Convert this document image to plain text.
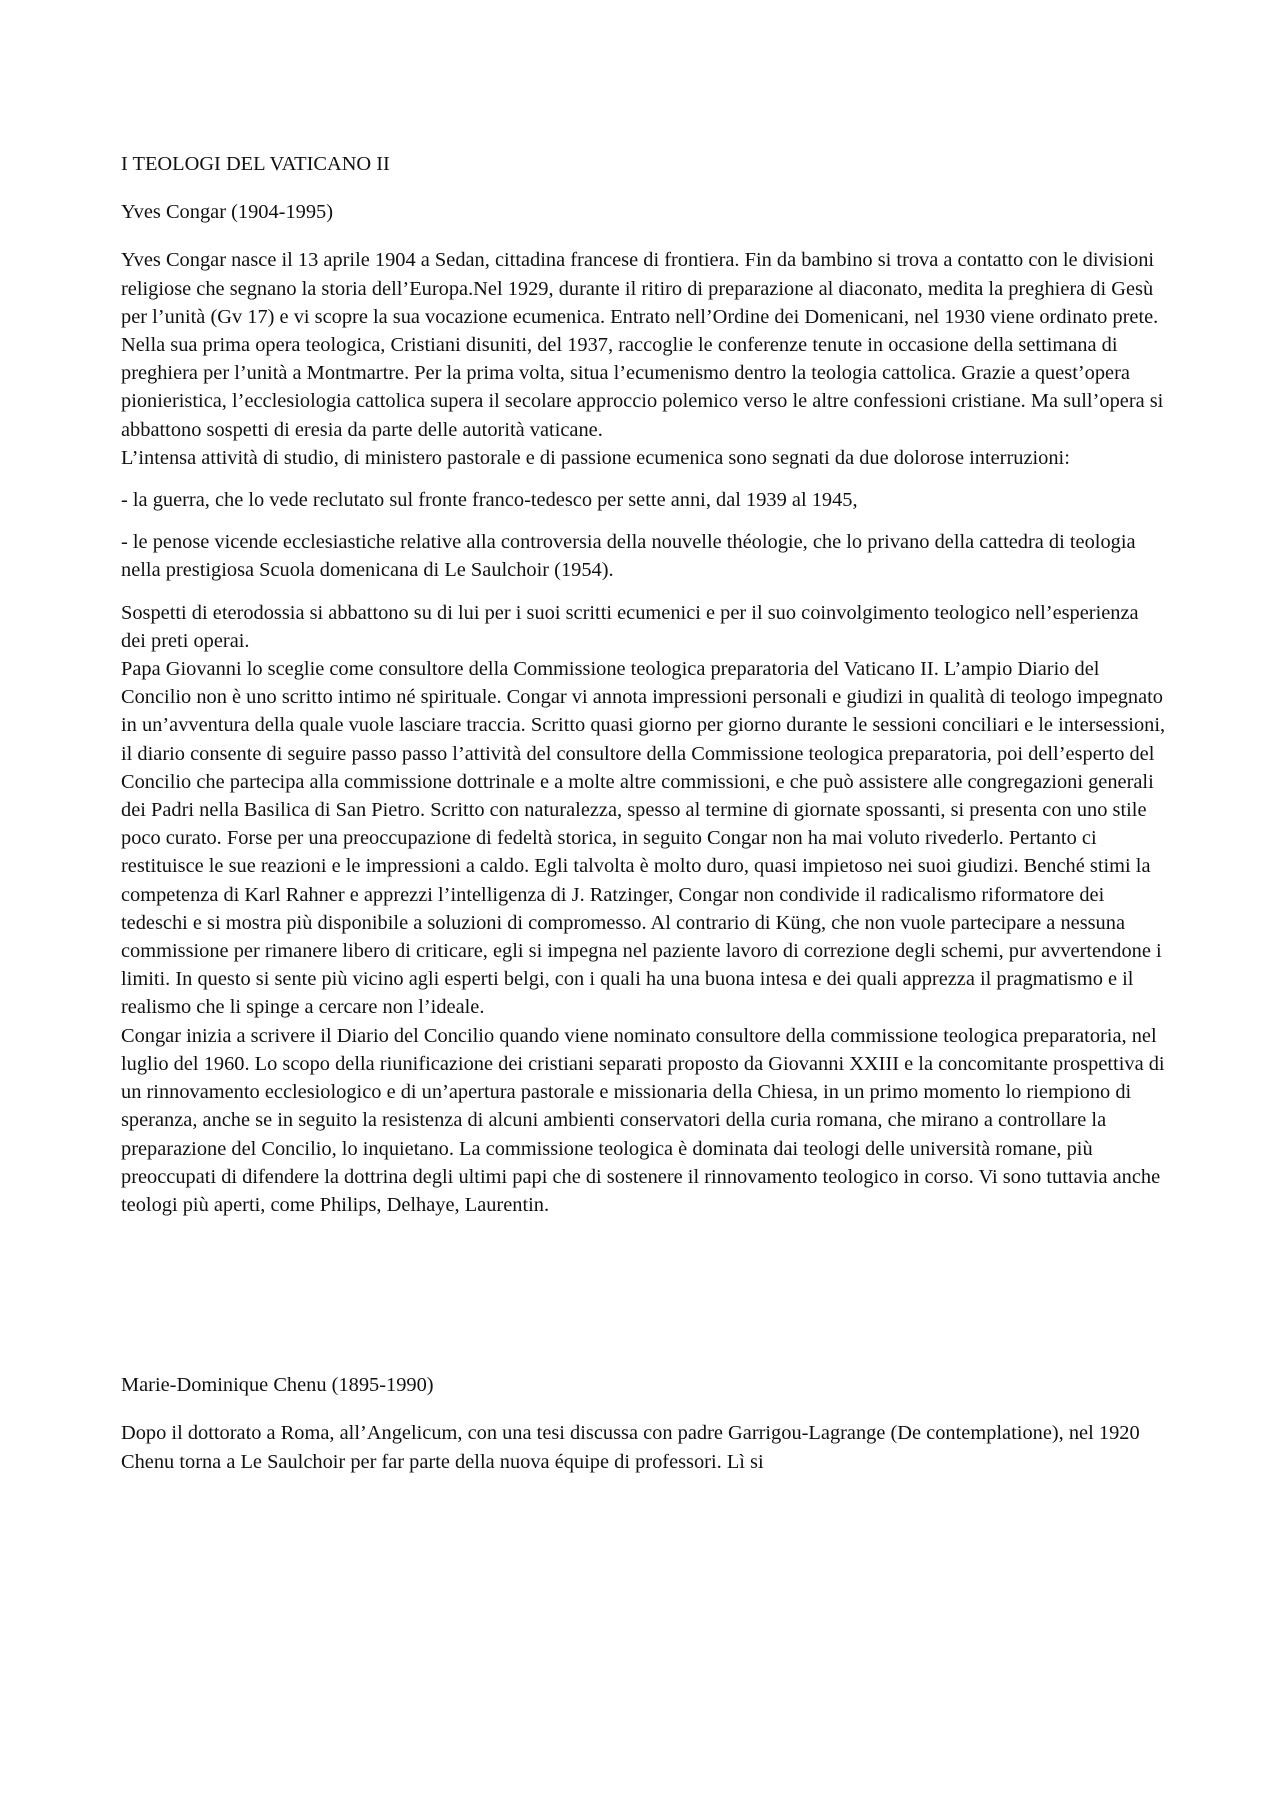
I TEOLOGI DEL VATICANO II

Yves Congar (1904-1995)

Yves Congar nasce il 13 aprile 1904 a Sedan, cittadina francese di frontiera. Fin da bambino si trova a contatto con le divisioni religiose che segnano la storia dell’Europa.Nel 1929, durante il ritiro di preparazione al diaconato, medita la preghiera di Gesù per l’unità (Gv 17) e vi scopre la sua vocazione ecumenica. Entrato nell’Ordine dei Domenicani, nel 1930 viene ordinato prete.

Nella sua prima opera teologica, Cristiani disuniti, del 1937, raccoglie le conferenze tenute in occasione della settimana di preghiera per l’unità a Montmartre. Per la prima volta, situa l’ecumenismo dentro la teologia cattolica. Grazie a quest’opera pionieristica, l’ecclesiologia cattolica supera il secolare approccio polemico verso le altre confessioni cristiane. Ma sull’opera si abbattono sospetti di eresia da parte delle autorità vaticane.

L’intensa attività di studio, di ministero pastorale e di passione ecumenica sono segnati da due dolorose interruzioni:

- la guerra, che lo vede reclutato sul fronte franco-tedesco per sette anni, dal 1939 al 1945,

- le penose vicende ecclesiastiche relative alla controversia della nouvelle théologie, che lo privano della cattedra di teologia nella prestigiosa Scuola domenicana di Le Saulchoir (1954).

Sospetti di eterodossia si abbattono su di lui per i suoi scritti ecumenici e per il suo coinvolgimento teologico nell’esperienza dei preti operai.

Papa Giovanni lo sceglie come consultore della Commissione teologica preparatoria del Vaticano II. L’ampio Diario del Concilio non è uno scritto intimo né spirituale. Congar vi annota impressioni personali e giudizi in qualità di teologo impegnato in un’avventura della quale vuole lasciare traccia. Scritto quasi giorno per giorno durante le sessioni conciliari e le intersessioni, il diario consente di seguire passo passo l’attività del consultore della Commissione teologica preparatoria, poi dell’esperto del Concilio che partecipa alla commissione dottrinale e a molte altre commissioni, e che può assistere alle congregazioni generali dei Padri nella Basilica di San Pietro. Scritto con naturalezza, spesso al termine di giornate spossanti, si presenta con uno stile poco curato. Forse per una preoccupazione di fedeltà storica, in seguito Congar non ha mai voluto rivederlo. Pertanto ci restituisce le sue reazioni e le impressioni a caldo. Egli talvolta è molto duro, quasi impietoso nei suoi giudizi. Benché stimi la competenza di Karl Rahner e apprezzi l’intelligenza di J. Ratzinger, Congar non condivide il radicalismo riformatore dei tedeschi e si mostra più disponibile a soluzioni di compromesso. Al contrario di Küng, che non vuole partecipare a nessuna commissione per rimanere libero di criticare, egli si impegna nel paziente lavoro di correzione degli schemi, pur avvertendone i limiti. In questo si sente più vicino agli esperti belgi, con i quali ha una buona intesa e dei quali apprezza il pragmatismo e il realismo che li spinge a cercare non l’ideale.

Congar inizia a scrivere il Diario del Concilio quando viene nominato consultore della commissione teologica preparatoria, nel luglio del 1960. Lo scopo della riunificazione dei cristiani separati proposto da Giovanni XXIII e la concomitante prospettiva di un rinnovamento ecclesiologico e di un’apertura pastorale e missionaria della Chiesa, in un primo momento lo riempiono di speranza, anche se in seguito la resistenza di alcuni ambienti conservatori della curia romana, che mirano a controllare la preparazione del Concilio, lo inquietano. La commissione teologica è dominata dai teologi delle università romane, più preoccupati di difendere la dottrina degli ultimi papi che di sostenere il rinnovamento teologico in corso. Vi sono tuttavia anche teologi più aperti, come Philips, Delhaye, Laurentin.

Marie-Dominique Chenu (1895-1990)

Dopo il dottorato a Roma, all’Angelicum, con una tesi discussa con padre Garrigou-Lagrange (De contemplatione), nel 1920 Chenu torna a Le Saulchoir per far parte della nuova équipe di professori. Lì si
